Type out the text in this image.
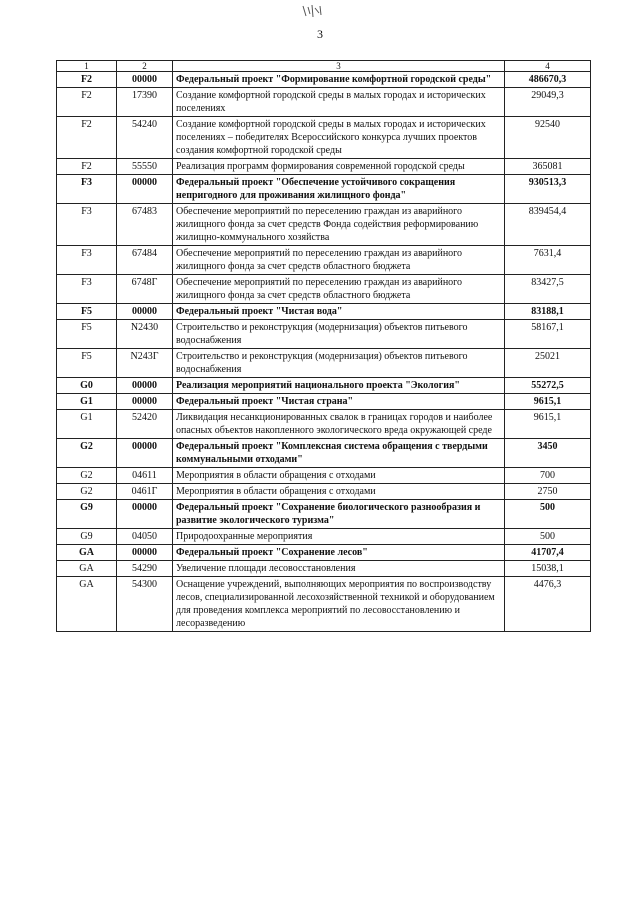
3
1	2	3	4
F2	00000	Федеральный проект "Формирование комфортной городской среды"	486670,3
F2	17390	Создание комфортной городской среды в малых городах и исторических поселениях	29049,3
F2	54240	Создание комфортной городской среды в малых городах и исторических поселениях – победителях Всероссийского конкурса лучших проектов создания комфортной городской среды	92540
F2	55550	Реализация программ формирования современной городской среды	365081
F3	00000	Федеральный проект "Обеспечение устойчивого сокращения непригодного для проживания жилищного фонда"	930513,3
F3	67483	Обеспечение мероприятий по переселению граждан из аварийного жилищного фонда за счет средств Фонда содействия реформированию жилищно-коммунального хозяйства	839454,4
F3	67484	Обеспечение мероприятий по переселению граждан из аварийного жилищного фонда за счет средств областного бюджета	7631,4
F3	6748Г	Обеспечение мероприятий по переселению граждан из аварийного жилищного фонда за счет средств областного бюджета	83427,5
F5	00000	Федеральный проект "Чистая вода"	83188,1
F5	N2430	Строительство и реконструкция (модернизация) объектов питьевого водоснабжения	58167,1
F5	N243Г	Строительство и реконструкция (модернизация) объектов питьевого водоснабжения	25021
G0	00000	Реализация мероприятий национального проекта "Экология"	55272,5
G1	00000	Федеральный проект "Чистая страна"	9615,1
G1	52420	Ликвидация несанкционированных свалок в границах городов и наиболее опасных объектов накопленного экологического вреда окружающей среде	9615,1
G2	00000	Федеральный проект "Комплексная система обращения с твердыми коммунальными отходами"	3450
G2	04611	Мероприятия в области обращения с отходами	700
G2	0461Г	Мероприятия в области обращения с отходами	2750
G9	00000	Федеральный проект "Сохранение биологического разнообразия и развитие экологического туризма"	500
G9	04050	Природоохранные мероприятия	500
GA	00000	Федеральный проект "Сохранение лесов"	41707,4
GA	54290	Увеличение площади лесовосстановления	15038,1
GA	54300	Оснащение учреждений, выполняющих мероприятия по воспроизводству лесов, специализированной лесохозяйственной техникой и оборудованием для проведения комплекса мероприятий по лесовосстановлению и лесоразведению	4476,3
